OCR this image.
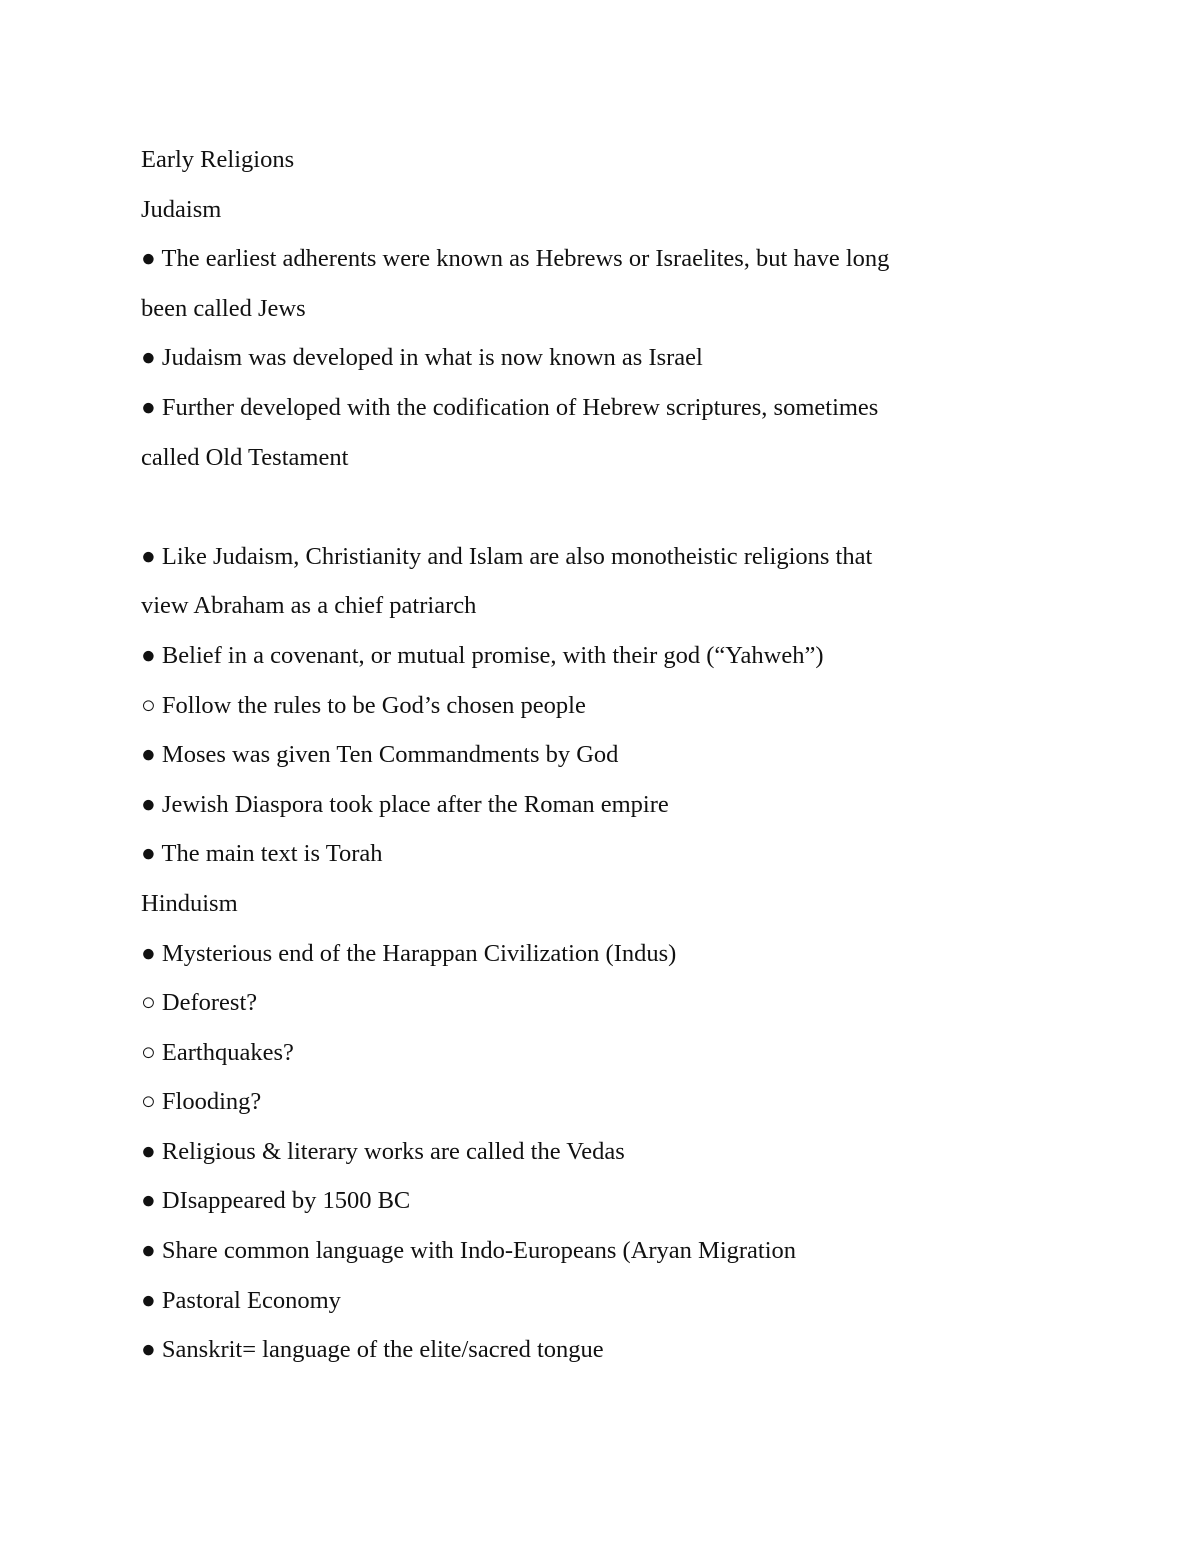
Early Religions
Judaism
● The earliest adherents were known as Hebrews or Israelites, but have long
been called Jews
● Judaism was developed in what is now known as Israel
● Further developed with the codification of Hebrew scriptures, sometimes
called Old Testament
● Like Judaism, Christianity and Islam are also monotheistic religions that
view Abraham as a chief patriarch
● Belief in a covenant, or mutual promise, with their god (“Yahweh”)
○ Follow the rules to be God’s chosen people
● Moses was given Ten Commandments by God
● Jewish Diaspora took place after the Roman empire
● The main text is Torah
Hinduism
● Mysterious end of the Harappan Civilization (Indus)
○ Deforest?
○ Earthquakes?
○ Flooding?
● Religious & literary works are called the Vedas
● DIsappeared by 1500 BC
● Share common language with Indo-Europeans (Aryan Migration
● Pastoral Economy
● Sanskrit= language of the elite/sacred tongue
